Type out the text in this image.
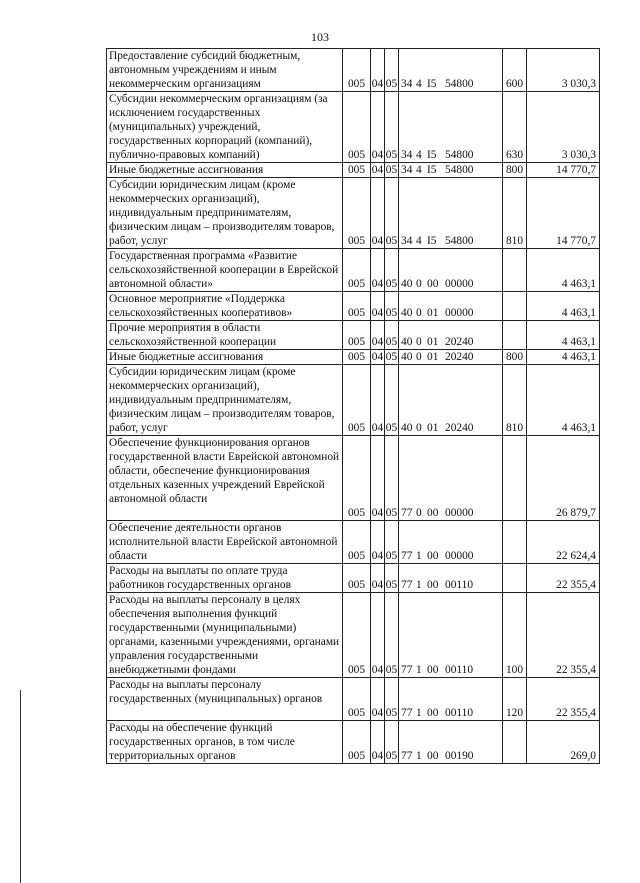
103
Предоставление субсидий бюджетным, автономным учреждениям и иным некоммерческим организациям	005	04	05	34 4 I5 54800	600	3 030,3
Субсидии некоммерческим организациям (за исключением государственных (муниципальных) учреждений, государственных корпораций (компаний), публично-правовых компаний)	005	04	05	34 4 I5 54800	630	3 030,3
Иные бюджетные ассигнования	005	04	05	34 4 I5 54800	800	14 770,7
Субсидии юридическим лицам (кроме некоммерческих организаций), индивидуальным предпринимателям, физическим лицам – производителям товаров, работ, услуг	005	04	05	34 4 I5 54800	810	14 770,7
Государственная программа «Развитие сельскохозяйственной кооперации в Еврейской автономной области»	005	04	05	40 0 00 00000		4 463,1
Основное мероприятие «Поддержка сельскохозяйственных кооперативов»	005	04	05	40 0 01 00000		4 463,1
Прочие мероприятия в области сельскохозяйственной кооперации	005	04	05	40 0 01 20240		4 463,1
Иные бюджетные ассигнования	005	04	05	40 0 01 20240	800	4 463,1
Субсидии юридическим лицам (кроме некоммерческих организаций), индивидуальным предпринимателям, физическим лицам – производителям товаров, работ, услуг	005	04	05	40 0 01 20240	810	4 463,1
Обеспечение функционирования органов государственной власти Еврейской автономной области, обеспечение функционирования отдельных казенных учреждений Еврейской автономной области	005	04	05	77 0 00 00000		26 879,7
Обеспечение деятельности органов исполнительной власти Еврейской автономной области	005	04	05	77 1 00 00000		22 624,4
Расходы на выплаты по оплате труда работников государственных органов	005	04	05	77 1 00 00110		22 355,4
Расходы на выплаты персоналу в целях обеспечения выполнения функций государственными (муниципальными) органами, казенными учреждениями, органами управления государственными внебюджетными фондами	005	04	05	77 1 00 00110	100	22 355,4
Расходы на выплаты персоналу государственных (муниципальных) органов	005	04	05	77 1 00 00110	120	22 355,4
Расходы на обеспечение функций государственных органов, в том числе территориальных органов	005	04	05	77 1 00 00190		269,0
